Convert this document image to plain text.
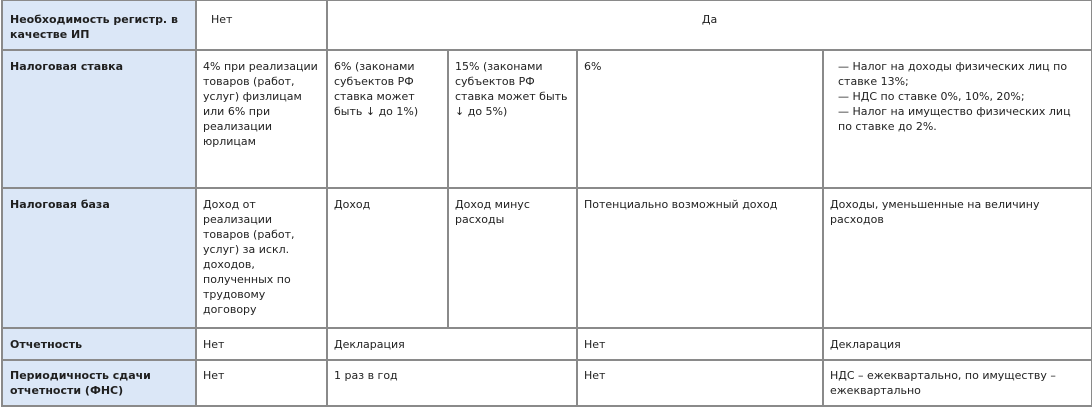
Необходимость регистр. в качестве ИП	Нет	Да			
Налоговая ставка	4% при реализации товаров (работ, услуг) физлицам или 6% при реализации юрлицам	6% (законами субъектов РФ ставка может быть ↓ до 1%)	15% (законами субъектов РФ ставка может быть ↓ до 5%)	6%	— Налог на доходы физических лиц по ставке 13%;
— НДС по ставке 0%, 10%, 20%;
— Налог на имущество физических лиц по ставке до 2%.

Налоговая база	Доход от реализации товаров (работ, услуг) за искл. доходов, полученных по трудовому договору	Доход	Доход минус расходы	Потенциально возможный доход	Доходы, уменьшенные на величину расходов
Отчетность	Нет	Декларация		Нет	Декларация
Периодичность сдачи отчетности (ФНС)	Нет	1 раз в год		Нет	НДС – ежеквартально, по имуществу – ежеквартально
